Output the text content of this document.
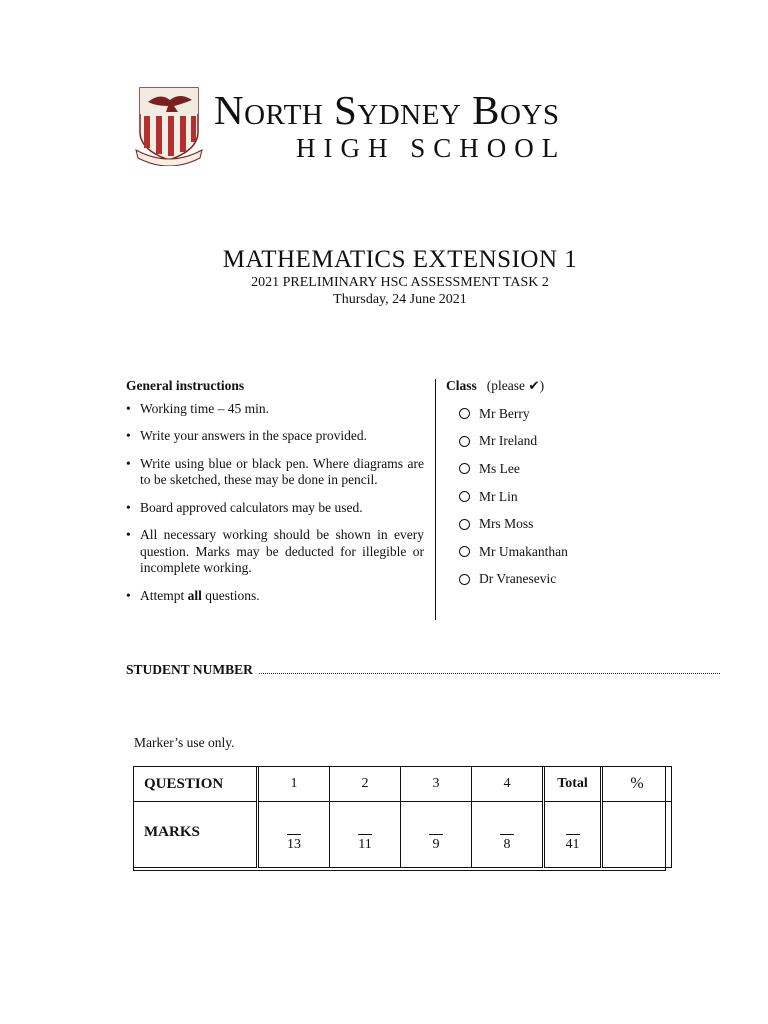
North Sydney Boys
HIGH SCHOOL
MATHEMATICS EXTENSION 1
2021 PRELIMINARY HSC ASSESSMENT TASK 2
Thursday, 24 June 2021
General instructions
• Working time – 45 min.
• Write your answers in the space provided.
• Write using blue or black pen. Where diagrams are to be sketched, these may be done in pencil.
• Board approved calculators may be used.
• All necessary working should be shown in every question. Marks may be deducted for illegible or incomplete working.
• Attempt all questions.
Class (please ✔)
Mr Berry
Mr Ireland
Ms Lee
Mr Lin
Mrs Moss
Mr Umakanthan
Dr Vranesevic
STUDENT NUMBER
Marker’s use only.
QUESTION	1	2	3	4	Total	%
MARKS	13	11	9	8	41	
